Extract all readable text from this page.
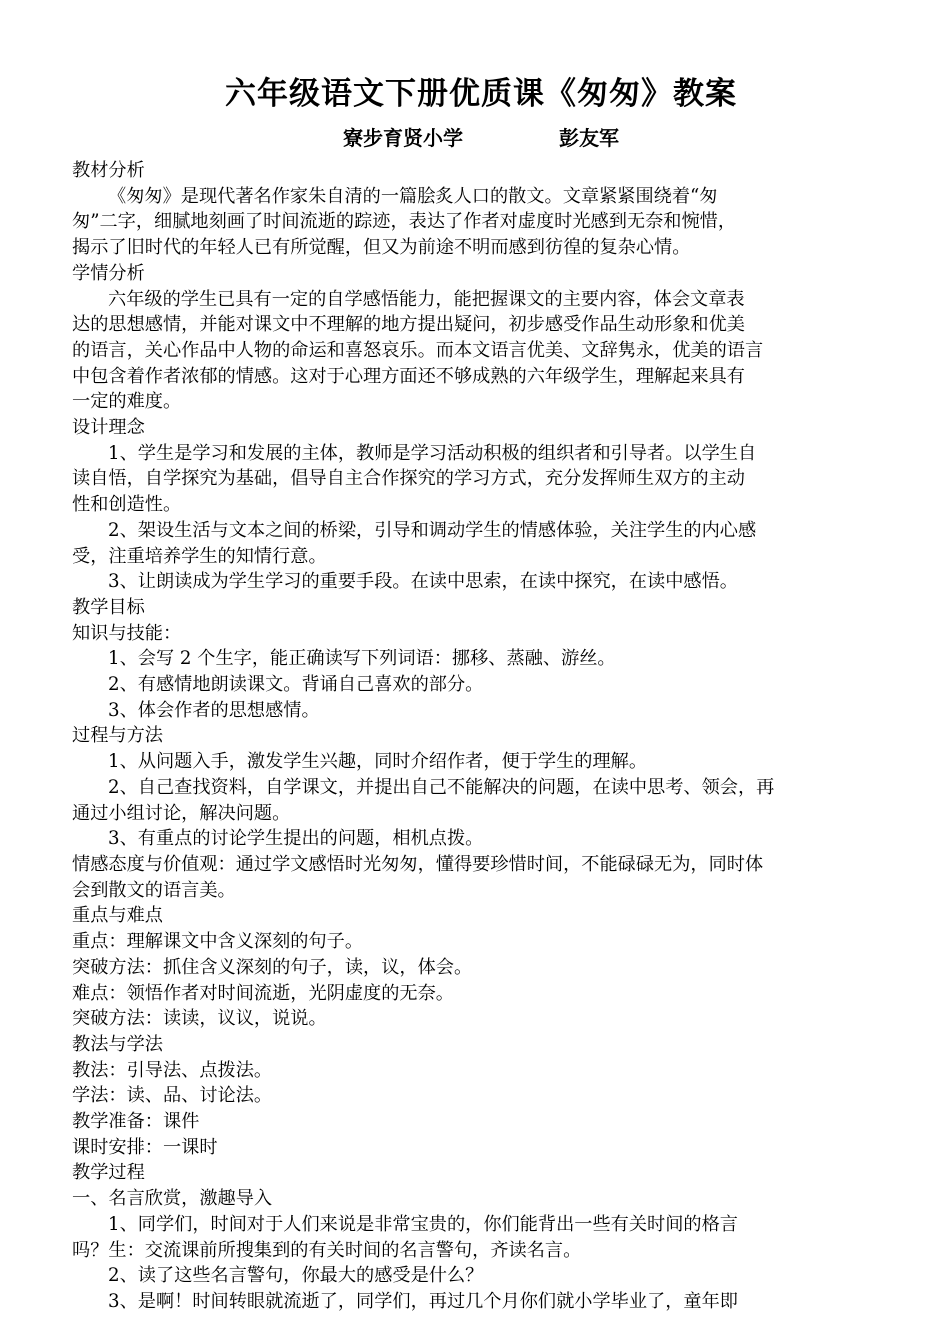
六年级语文下册优质课《匆匆》教案
寮步育贤小学	彭友军

教材分析

《匆匆》是现代著名作家朱自清的一篇脍炙人口的散文。文章紧紧围绕着“匆

匆”二字，细腻地刻画了时间流逝的踪迹，表达了作者对虚度时光感到无奈和惋惜，

揭示了旧时代的年轻人已有所觉醒，但又为前途不明而感到彷徨的复杂心情。

学情分析

六年级的学生已具有一定的自学感悟能力，能把握课文的主要内容，体会文章表

达的思想感情，并能对课文中不理解的地方提出疑问，初步感受作品生动形象和优美

的语言，关心作品中人物的命运和喜怒哀乐。而本文语言优美、文辞隽永，优美的语言

中包含着作者浓郁的情感。这对于心理方面还不够成熟的六年级学生，理解起来具有

一定的难度。

设计理念

1、学生是学习和发展的主体，教师是学习活动积极的组织者和引导者。以学生自

读自悟，自学探究为基础，倡导自主合作探究的学习方式，充分发挥师生双方的主动

性和创造性。

2、架设生活与文本之间的桥梁，引导和调动学生的情感体验，关注学生的内心感

受，注重培养学生的知情行意。

3、让朗读成为学生学习的重要手段。在读中思索，在读中探究，在读中感悟。

教学目标

知识与技能：

1、会写 2 个生字，能正确读写下列词语：挪移、蒸融、游丝。

2、有感情地朗读课文。背诵自己喜欢的部分。

3、体会作者的思想感情。

过程与方法

1、从问题入手，激发学生兴趣，同时介绍作者，便于学生的理解。

2、自己查找资料，自学课文，并提出自己不能解决的问题，在读中思考、领会，再

通过小组讨论，解决问题。

3、有重点的讨论学生提出的问题，相机点拨。

情感态度与价值观：通过学文感悟时光匆匆，懂得要珍惜时间，不能碌碌无为，同时体

会到散文的语言美。

重点与难点

重点：理解课文中含义深刻的句子。

突破方法：抓住含义深刻的句子，读，议，体会。

难点：领悟作者对时间流逝，光阴虚度的无奈。

突破方法：读读，议议，说说。

教法与学法

教法：引导法、点拨法。

学法：读、品、讨论法。

教学准备：课件

课时安排：一课时

教学过程

一、名言欣赏，激趣导入

1、同学们，时间对于人们来说是非常宝贵的，你们能背出一些有关时间的格言

吗？生：交流课前所搜集到的有关时间的名言警句，齐读名言。

2、读了这些名言警句，你最大的感受是什么？

3、是啊！时间转眼就流逝了，同学们，再过几个月你们就小学毕业了，童年即
